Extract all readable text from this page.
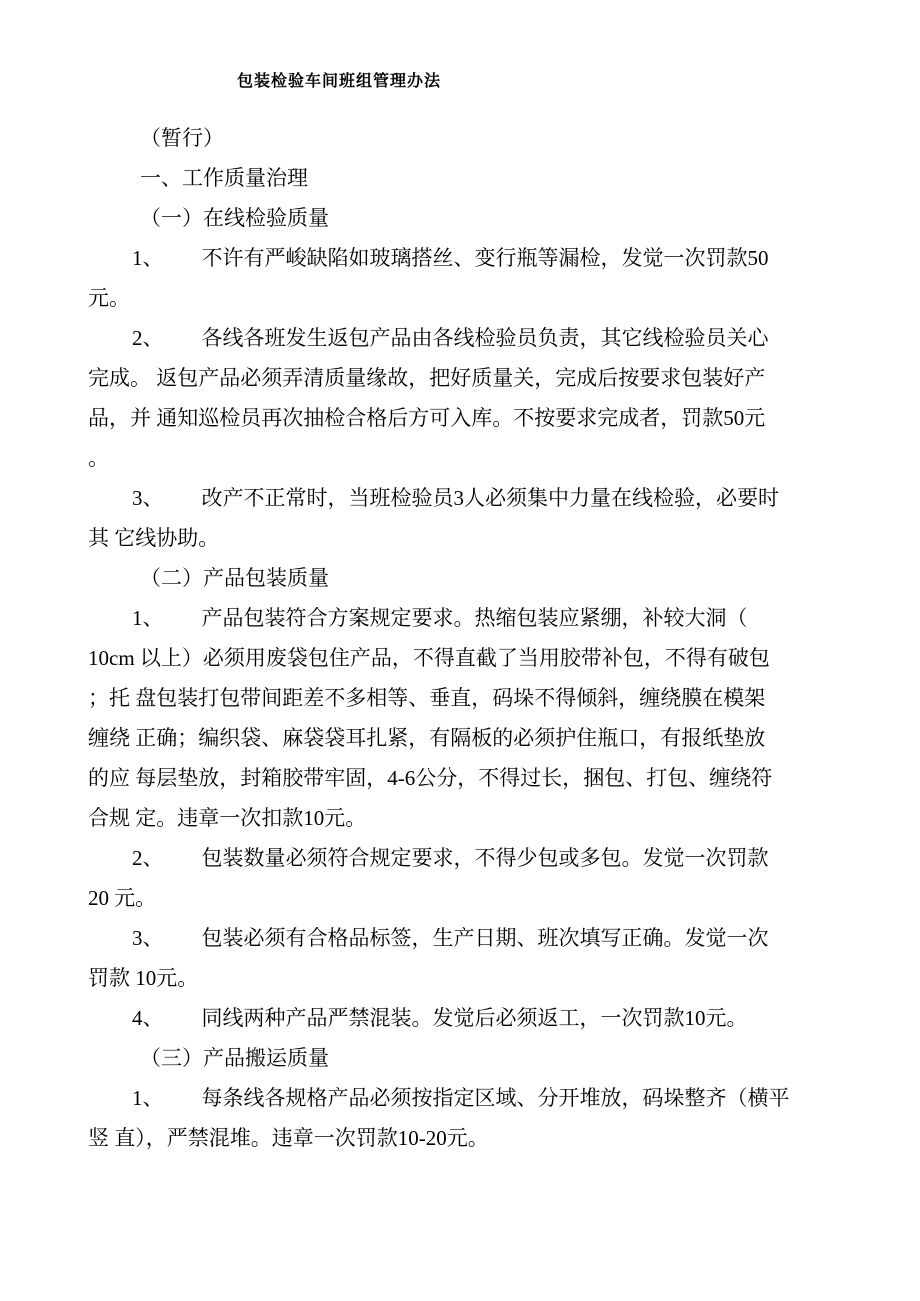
包装检验车间班组管理办法
（暂行）
一、工作质量治理
（一）在线检验质量
1、 不许有严峻缺陷如玻璃搭丝、变行瓶等漏检，发觉一次罚款50
元。
2、 各线各班发生返包产品由各线检验员负责，其它线检验员关心
完成。 返包产品必须弄清质量缘故，把好质量关，完成后按要求包装好产
品，并 通知巡检员再次抽检合格后方可入库。不按要求完成者，罚款50元
。
3、 改产不正常时，当班检验员3人必须集中力量在线检验，必要时
其 它线协助。
（二）产品包装质量
1、 产品包装符合方案规定要求。热缩包装应紧绷，补较大洞（
10cm 以上）必须用废袋包住产品，不得直截了当用胶带补包，不得有破包
；托 盘包装打包带间距差不多相等、垂直，码垛不得倾斜，缠绕膜在模架
缠绕 正确；编织袋、麻袋袋耳扎紧，有隔板的必须护住瓶口，有报纸垫放
的应 每层垫放，封箱胶带牢固，4-6公分，不得过长，捆包、打包、缠绕符
合规 定。违章一次扣款10元。
2、 包装数量必须符合规定要求，不得少包或多包。发觉一次罚款
20 元。
3、 包装必须有合格品标签，生产日期、班次填写正确。发觉一次
罚款 10元。
4、 同线两种产品严禁混装。发觉后必须返工，一次罚款10元。
（三）产品搬运质量
1、 每条线各规格产品必须按指定区域、分开堆放，码垛整齐（横平
竖 直），严禁混堆。违章一次罚款10-20元。
